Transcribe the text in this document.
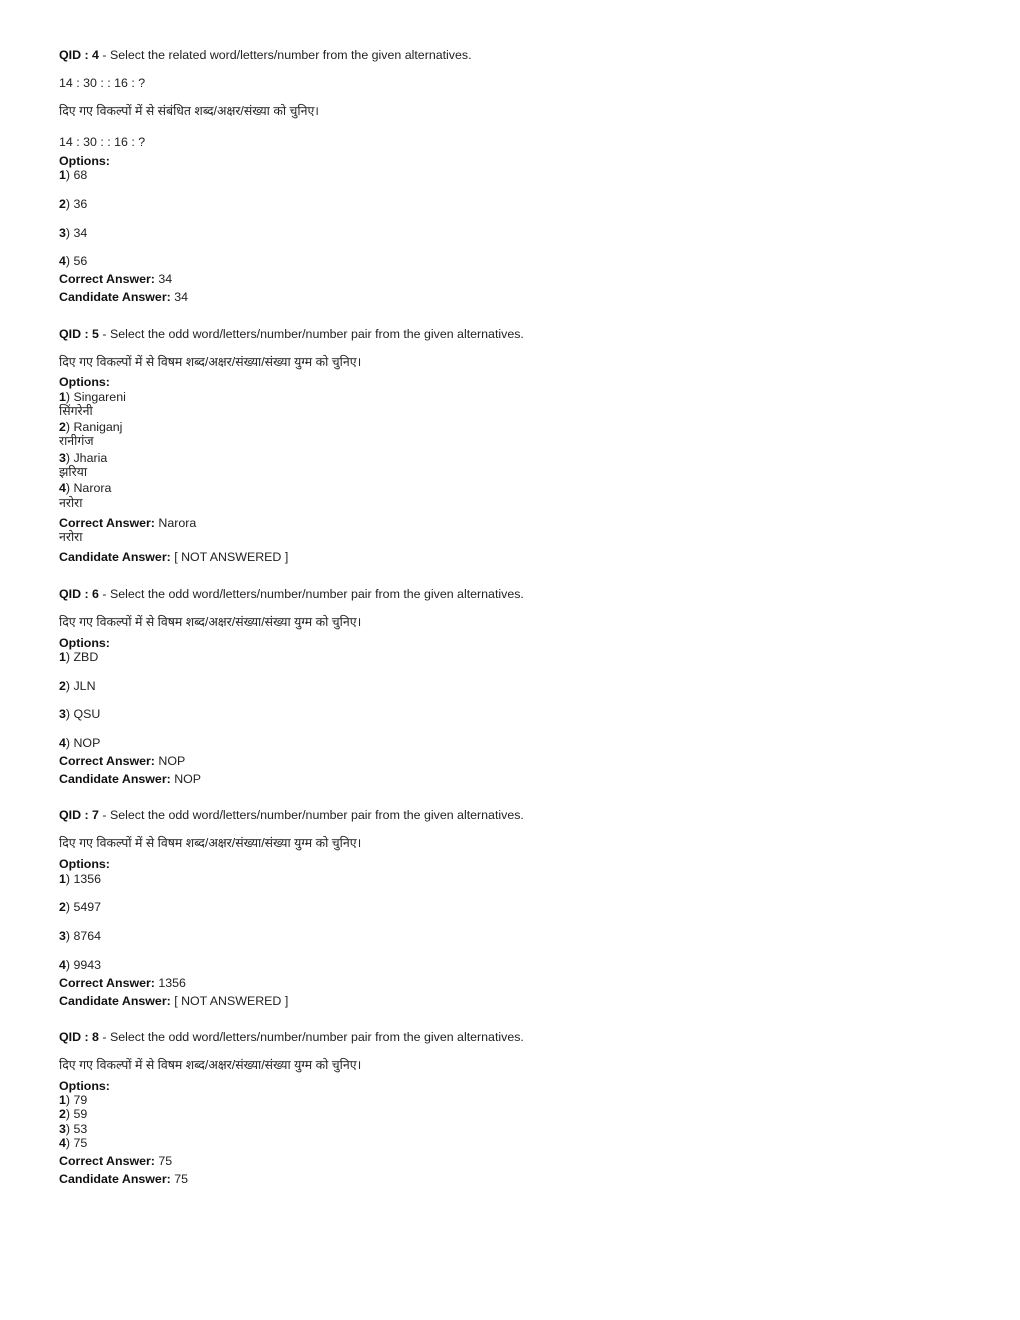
QID : 4 - Select the related word/letters/number from the given alternatives.
14 : 30 : : 16 : ?
दिए गए विकल्पों में से संबंधित शब्द/अक्षर/संख्या को चुनिए।
14 : 30 : : 16 : ?
Options:
1) 68
2) 36
3) 34
4) 56
Correct Answer: 34
Candidate Answer: 34
QID : 5 - Select the odd word/letters/number/number pair from the given alternatives.
दिए गए विकल्पों में से विषम शब्द/अक्षर/संख्या/संख्या युग्म को चुनिए।
Options:
1) Singareni
सिंगरेनी
2) Raniganj
रानीगंज
3) Jharia
झरिया
4) Narora
नरोरा
Correct Answer: Narora
नरोरा
Candidate Answer: [ NOT ANSWERED ]
QID : 6 - Select the odd word/letters/number/number pair from the given alternatives.
दिए गए विकल्पों में से विषम शब्द/अक्षर/संख्या/संख्या युग्म को चुनिए।
Options:
1) ZBD
2) JLN
3) QSU
4) NOP
Correct Answer: NOP
Candidate Answer: NOP
QID : 7 - Select the odd word/letters/number/number pair from the given alternatives.
दिए गए विकल्पों में से विषम शब्द/अक्षर/संख्या/संख्या युग्म को चुनिए।
Options:
1) 1356
2) 5497
3) 8764
4) 9943
Correct Answer: 1356
Candidate Answer: [ NOT ANSWERED ]
QID : 8 - Select the odd word/letters/number/number pair from the given alternatives.
दिए गए विकल्पों में से विषम शब्द/अक्षर/संख्या/संख्या युग्म को चुनिए।
Options:
1) 79
2) 59
3) 53
4) 75
Correct Answer: 75
Candidate Answer: 75
